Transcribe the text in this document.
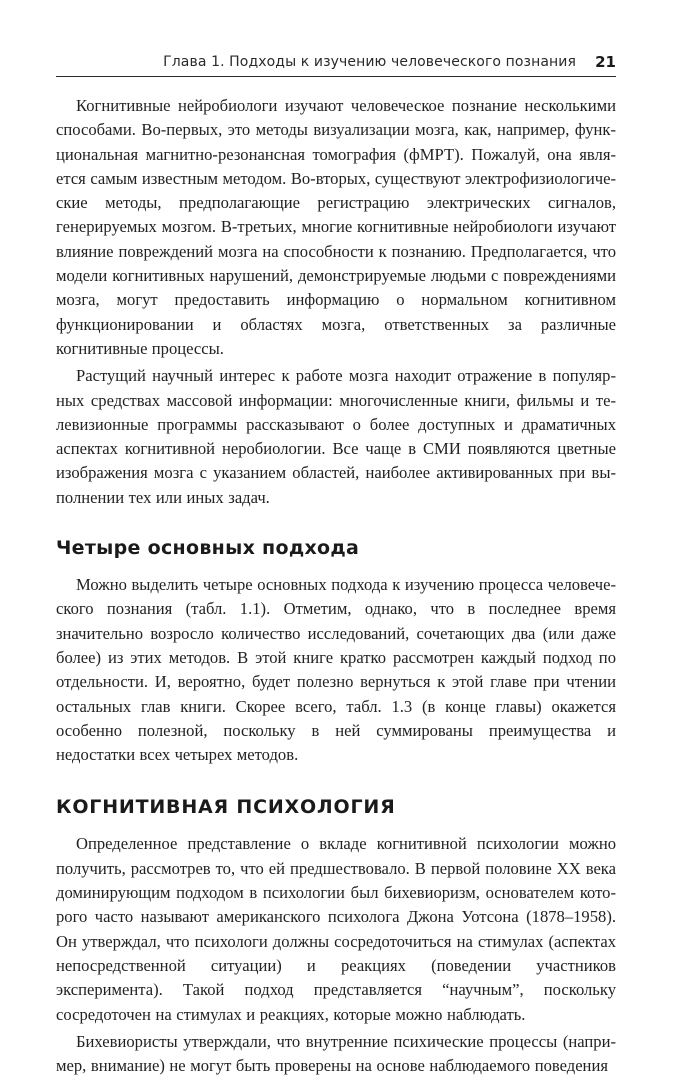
Глава 1. Подходы к изучению человеческого познания 21

Когнитивные нейробиологи изучают человеческое познание несколькими способами. Во-первых, это методы визуализации мозга, как, например, функциональная магнитно-резонансная томография (фМРТ). Пожалуй, она является самым известным методом. Во-вторых, существуют электрофизиологические методы, предполагающие регистрацию электрических сигналов, генерируемых мозгом. В-третьих, многие когнитивные нейробиологи изучают влияние повреждений мозга на способности к познанию. Предполагается, что модели когнитивных нарушений, демонстрируемые людьми с повреждениями мозга, могут предоставить информацию о нормальном когнитивном функционировании и областях мозга, ответственных за различные когнитивные процессы.

Растущий научный интерес к работе мозга находит отражение в популярных средствах массовой информации: многочисленные книги, фильмы и телевизионные программы рассказывают о более доступных и драматичных аспектах когнитивной неробиологии. Все чаще в СМИ появляются цветные изображения мозга с указанием областей, наиболее активированных при выполнении тех или иных задач.

Четыре основных подхода

Можно выделить четыре основных подхода к изучению процесса человеческого познания (табл. 1.1). Отметим, однако, что в последнее время значительно возросло количество исследований, сочетающих два (или даже более) из этих методов. В этой книге кратко рассмотрен каждый подход по отдельности. И, вероятно, будет полезно вернуться к этой главе при чтении остальных глав книги. Скорее всего, табл. 1.3 (в конце главы) окажется особенно полезной, поскольку в ней суммированы преимущества и недостатки всех четырех методов.

КОГНИТИВНАЯ ПСИХОЛОГИЯ

Определенное представление о вкладе когнитивной психологии можно получить, рассмотрев то, что ей предшествовало. В первой половине XX века доминирующим подходом в психологии был бихевиоризм, основателем которого часто называют американского психолога Джона Уотсона (1878–1958). Он утверждал, что психологи должны сосредоточиться на стимулах (аспектах непосредственной ситуации) и реакциях (поведении участников эксперимента). Такой подход представляется “научным”, поскольку сосредоточен на стимулах и реакциях, которые можно наблюдать.

Бихевиористы утверждали, что внутренние психические процессы (например, внимание) не могут быть проверены на основе наблюдаемого поведения
